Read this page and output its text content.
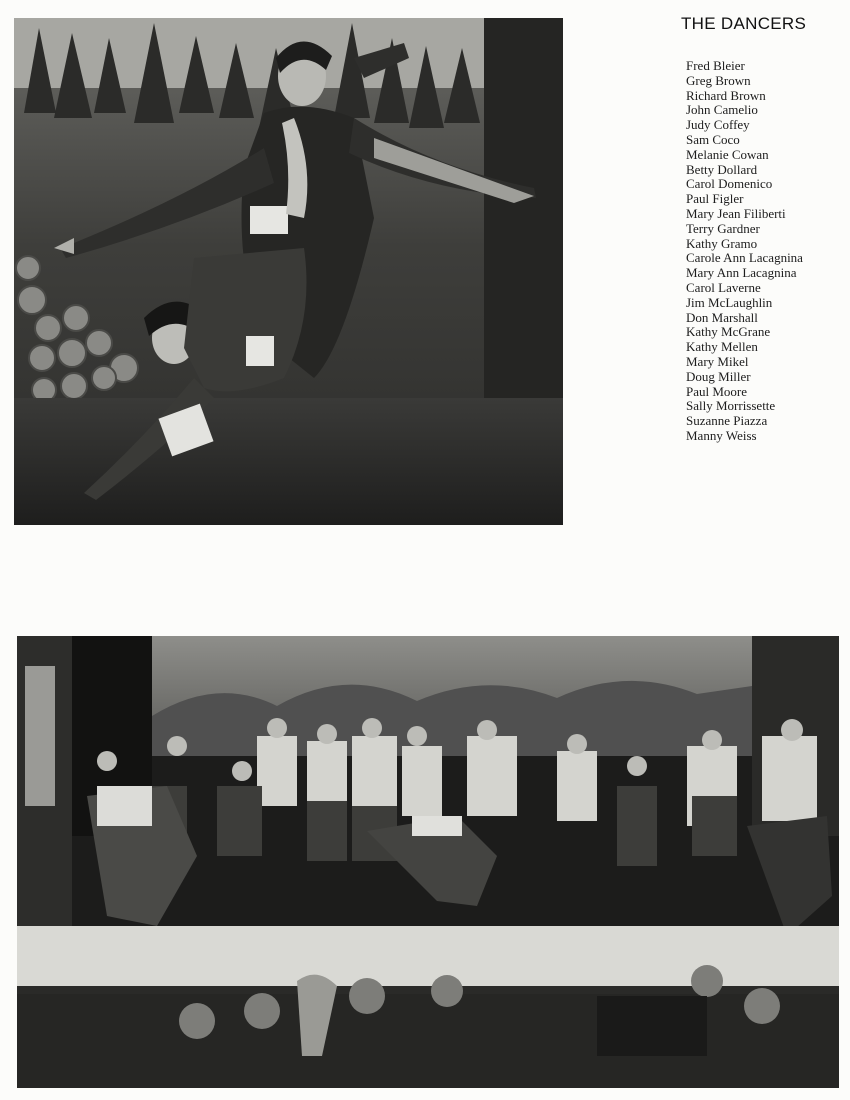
THE DANCERS
Fred Bleier
Greg Brown
Richard Brown
John Camelio
Judy Coffey
Sam Coco
Melanie Cowan
Betty Dollard
Carol Domenico
Paul Figler
Mary Jean Filiberti
Terry Gardner
Kathy Gramo
Carole Ann Lacagnina
Mary Ann Lacagnina
Carol Laverne
Jim McLaughlin
Don Marshall
Kathy McGrane
Kathy Mellen
Mary Mikel
Doug Miller
Paul Moore
Sally Morrissette
Suzanne Piazza
Manny Weiss
